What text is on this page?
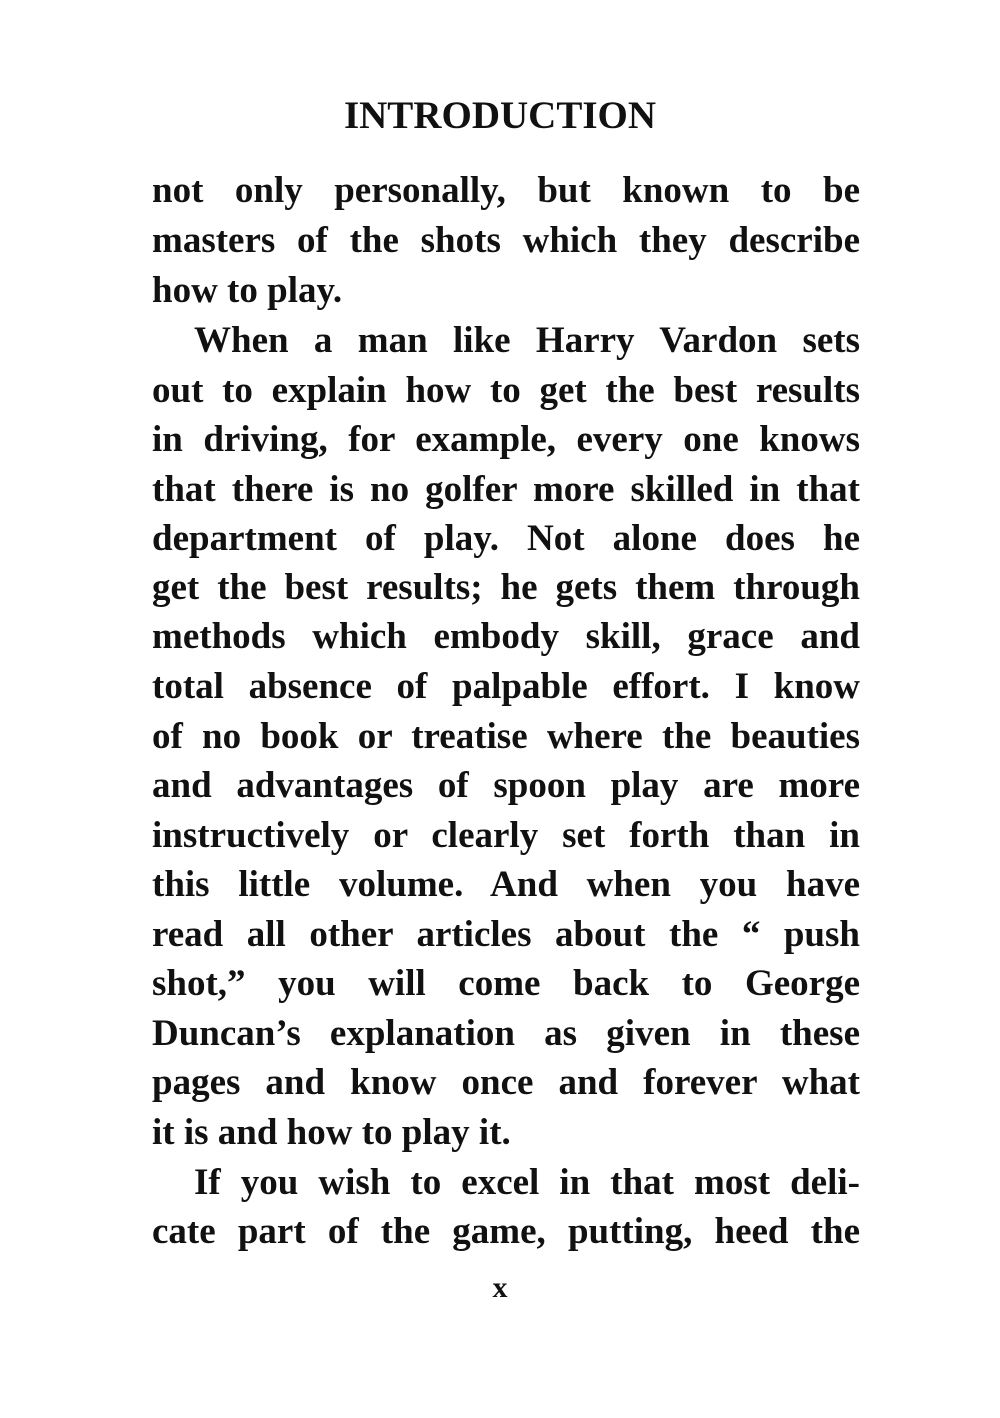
INTRODUCTION
not only personally, but known to be
masters of the shots which they describe
how to play.
When a man like Harry Vardon sets
out to explain how to get the best results
in driving, for example, every one knows
that there is no golfer more skilled in that
department of play. Not alone does he
get the best results; he gets them through
methods which embody skill, grace and
total absence of palpable effort. I know
of no book or treatise where the beauties
and advantages of spoon play are more
instructively or clearly set forth than in
this little volume. And when you have
read all other articles about the “ push
shot,” you will come back to George
Duncan’s explanation as given in these
pages and know once and forever what
it is and how to play it.
If you wish to excel in that most deli-
cate part of the game, putting, heed the
x
